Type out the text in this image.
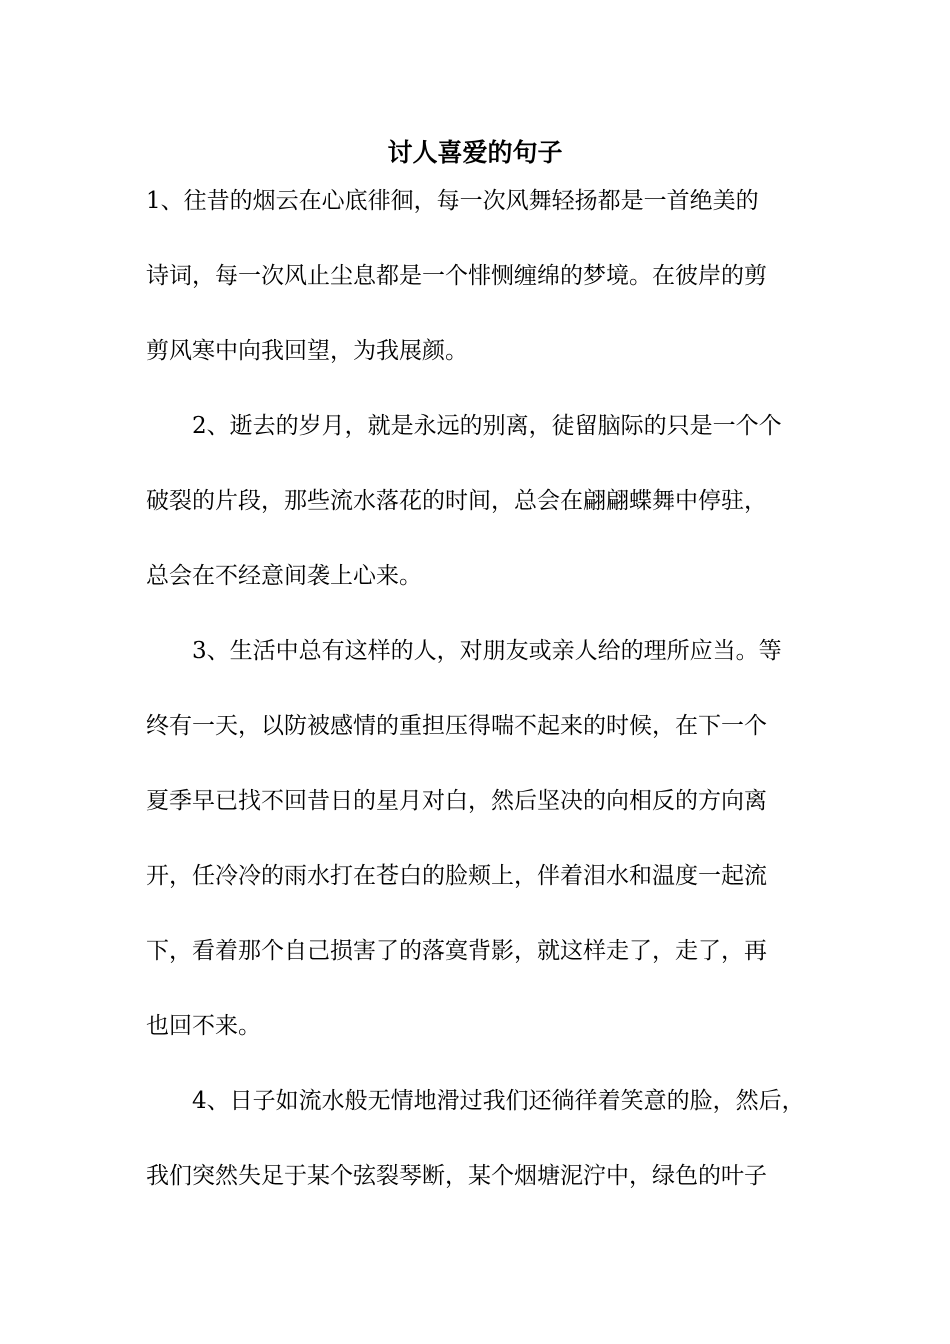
讨人喜爱的句子

1、往昔的烟云在心底徘徊，每一次风舞轻扬都是一首绝美的

诗词，每一次风止尘息都是一个悱恻缠绵的梦境。在彼岸的剪

剪风寒中向我回望，为我展颜。

　　2、逝去的岁月，就是永远的别离，徒留脑际的只是一个个

破裂的片段，那些流水落花的时间，总会在翩翩蝶舞中停驻，

总会在不经意间袭上心来。

　　3、生活中总有这样的人，对朋友或亲人给的理所应当。等

终有一天，以防被感情的重担压得喘不起来的时候，在下一个

夏季早已找不回昔日的星月对白，然后坚决的向相反的方向离

开，任冷冷的雨水打在苍白的脸颊上，伴着泪水和温度一起流

下，看着那个自己损害了的落寞背影，就这样走了，走了，再

也回不来。

　　4、日子如流水般无情地滑过我们还徜徉着笑意的脸，然后，

我们突然失足于某个弦裂琴断，某个烟塘泥泞中，绿色的叶子
